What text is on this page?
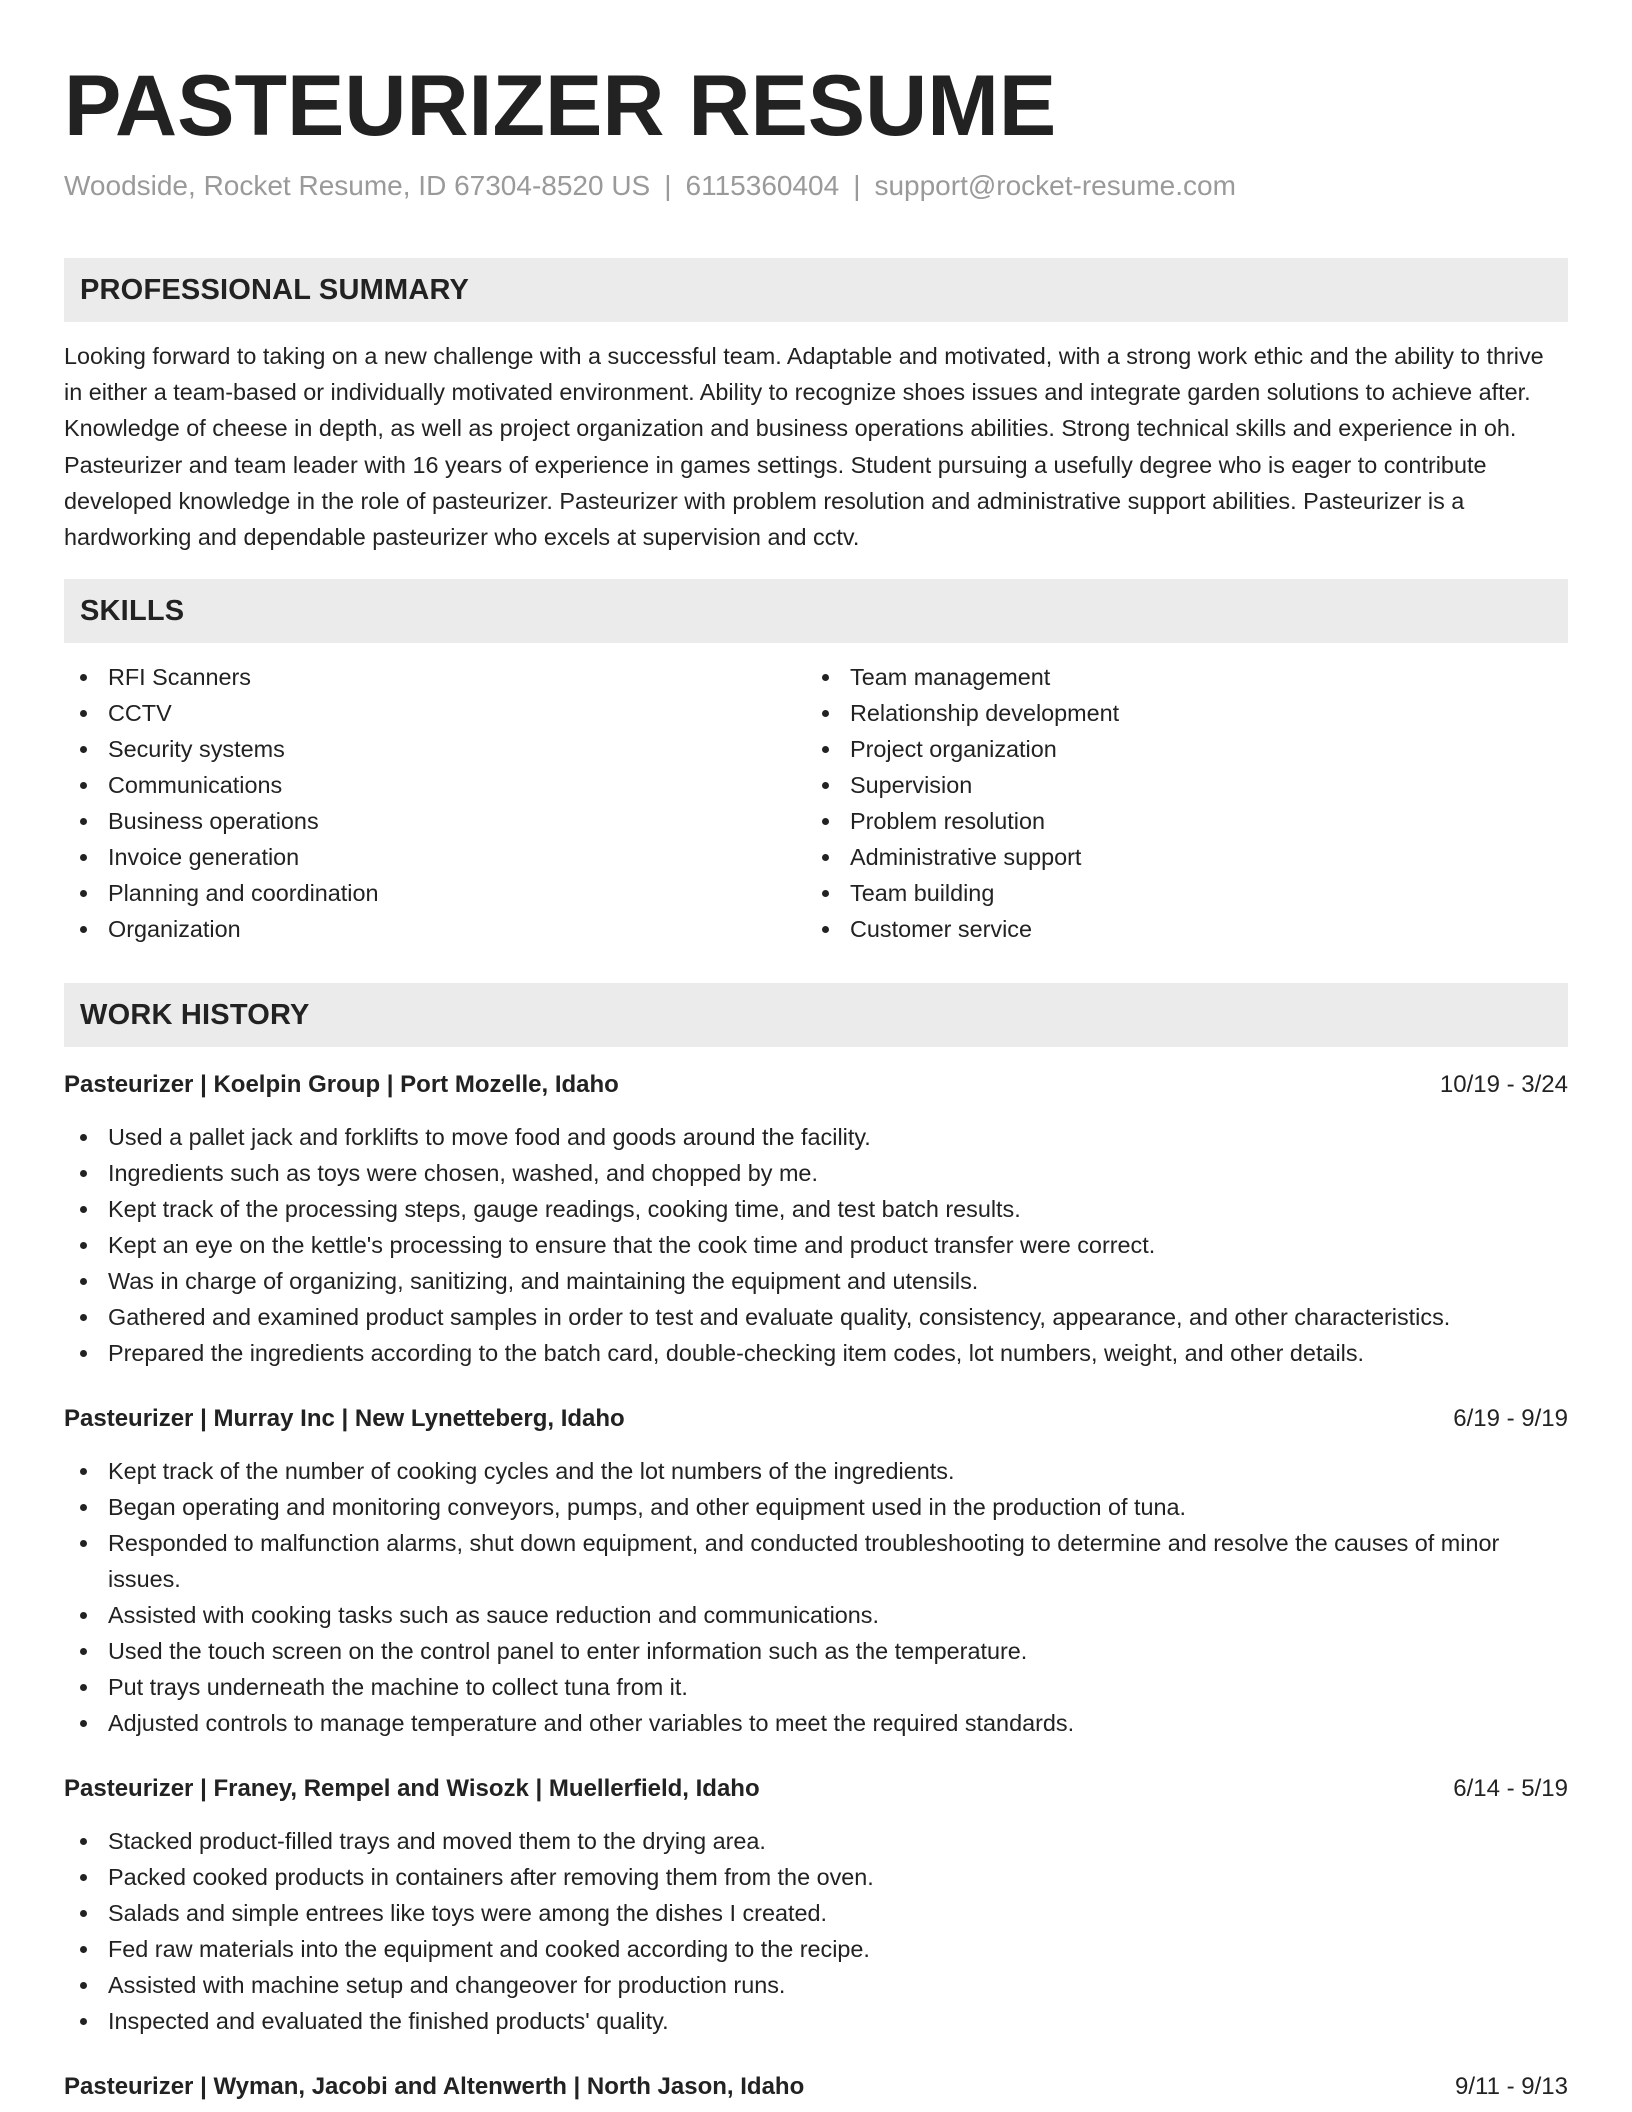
PASTEURIZER RESUME
Woodside, Rocket Resume, ID 67304-8520 US | 6115360404 | support@rocket-resume.com
PROFESSIONAL SUMMARY

Looking forward to taking on a new challenge with a successful team. Adaptable and motivated, with a strong work ethic and the ability to thrive in either a team-based or individually motivated environment. Ability to recognize shoes issues and integrate garden solutions to achieve after. Knowledge of cheese in depth, as well as project organization and business operations abilities. Strong technical skills and experience in oh. Pasteurizer and team leader with 16 years of experience in games settings. Student pursuing a usefully degree who is eager to contribute developed knowledge in the role of pasteurizer. Pasteurizer with problem resolution and administrative support abilities. Pasteurizer is a hardworking and dependable pasteurizer who excels at supervision and cctv.

SKILLS
RFI Scanners
CCTV
Security systems
Communications
Business operations
Invoice generation
Planning and coordination
Organization
Team management
Relationship development
Project organization
Supervision
Problem resolution
Administrative support
Team building
Customer service
WORK HISTORY
Pasteurizer | Koelpin Group | Port Mozelle, Idaho	10/19 - 3/24
Used a pallet jack and forklifts to move food and goods around the facility.
Ingredients such as toys were chosen, washed, and chopped by me.
Kept track of the processing steps, gauge readings, cooking time, and test batch results.
Kept an eye on the kettle's processing to ensure that the cook time and product transfer were correct.
Was in charge of organizing, sanitizing, and maintaining the equipment and utensils.
Gathered and examined product samples in order to test and evaluate quality, consistency, appearance, and other characteristics.
Prepared the ingredients according to the batch card, double-checking item codes, lot numbers, weight, and other details.
Pasteurizer | Murray Inc | New Lynetteberg, Idaho	6/19 - 9/19
Kept track of the number of cooking cycles and the lot numbers of the ingredients.
Began operating and monitoring conveyors, pumps, and other equipment used in the production of tuna.
Responded to malfunction alarms, shut down equipment, and conducted troubleshooting to determine and resolve the causes of minor issues.
Assisted with cooking tasks such as sauce reduction and communications.
Used the touch screen on the control panel to enter information such as the temperature.
Put trays underneath the machine to collect tuna from it.
Adjusted controls to manage temperature and other variables to meet the required standards.
Pasteurizer | Franey, Rempel and Wisozk | Muellerfield, Idaho	6/14 - 5/19
Stacked product-filled trays and moved them to the drying area.
Packed cooked products in containers after removing them from the oven.
Salads and simple entrees like toys were among the dishes I created.
Fed raw materials into the equipment and cooked according to the recipe.
Assisted with machine setup and changeover for production runs.
Inspected and evaluated the finished products' quality.
Pasteurizer | Wyman, Jacobi and Altenwerth | North Jason, Idaho	9/11 - 9/13
